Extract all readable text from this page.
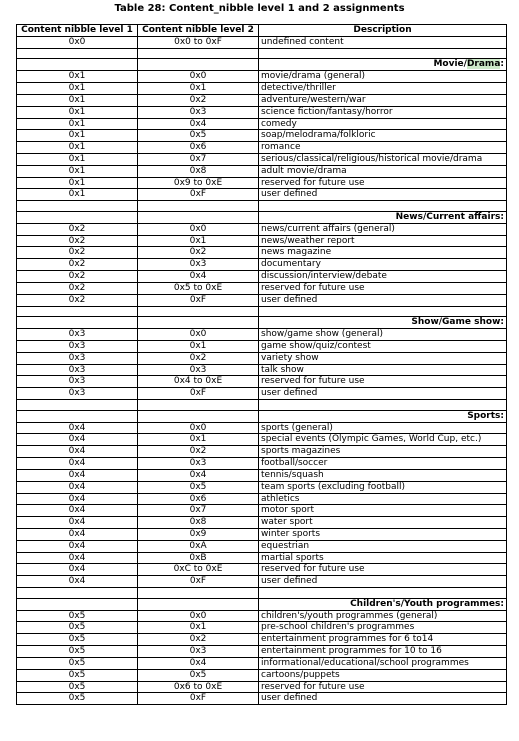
Table 28: Content_nibble level 1 and 2 assignments
Content nibble level 1	Content nibble level 2	Description
0x0	0x0 to 0xF	undefined content

		Movie/Drama:
0x1	0x0	movie/drama (general)
0x1	0x1	detective/thriller
0x1	0x2	adventure/western/war
0x1	0x3	science fiction/fantasy/horror
0x1	0x4	comedy
0x1	0x5	soap/melodrama/folkloric
0x1	0x6	romance
0x1	0x7	serious/classical/religious/historical movie/drama
0x1	0x8	adult movie/drama
0x1	0x9 to 0xE	reserved for future use
0x1	0xF	user defined

		News/Current affairs:
0x2	0x0	news/current affairs (general)
0x2	0x1	news/weather report
0x2	0x2	news magazine
0x2	0x3	documentary
0x2	0x4	discussion/interview/debate
0x2	0x5 to 0xE	reserved for future use
0x2	0xF	user defined

		Show/Game show:
0x3	0x0	show/game show (general)
0x3	0x1	game show/quiz/contest
0x3	0x2	variety show
0x3	0x3	talk show
0x3	0x4 to 0xE	reserved for future use
0x3	0xF	user defined

		Sports:
0x4	0x0	sports (general)
0x4	0x1	special events (Olympic Games, World Cup, etc.)
0x4	0x2	sports magazines
0x4	0x3	football/soccer
0x4	0x4	tennis/squash
0x4	0x5	team sports (excluding football)
0x4	0x6	athletics
0x4	0x7	motor sport
0x4	0x8	water sport
0x4	0x9	winter sports
0x4	0xA	equestrian
0x4	0xB	martial sports
0x4	0xC to 0xE	reserved for future use
0x4	0xF	user defined

		Children's/Youth programmes:
0x5	0x0	children's/youth programmes (general)
0x5	0x1	pre-school children's programmes
0x5	0x2	entertainment programmes for 6 to14
0x5	0x3	entertainment programmes for 10 to 16
0x5	0x4	informational/educational/school programmes
0x5	0x5	cartoons/puppets
0x5	0x6 to 0xE	reserved for future use
0x5	0xF	user defined
